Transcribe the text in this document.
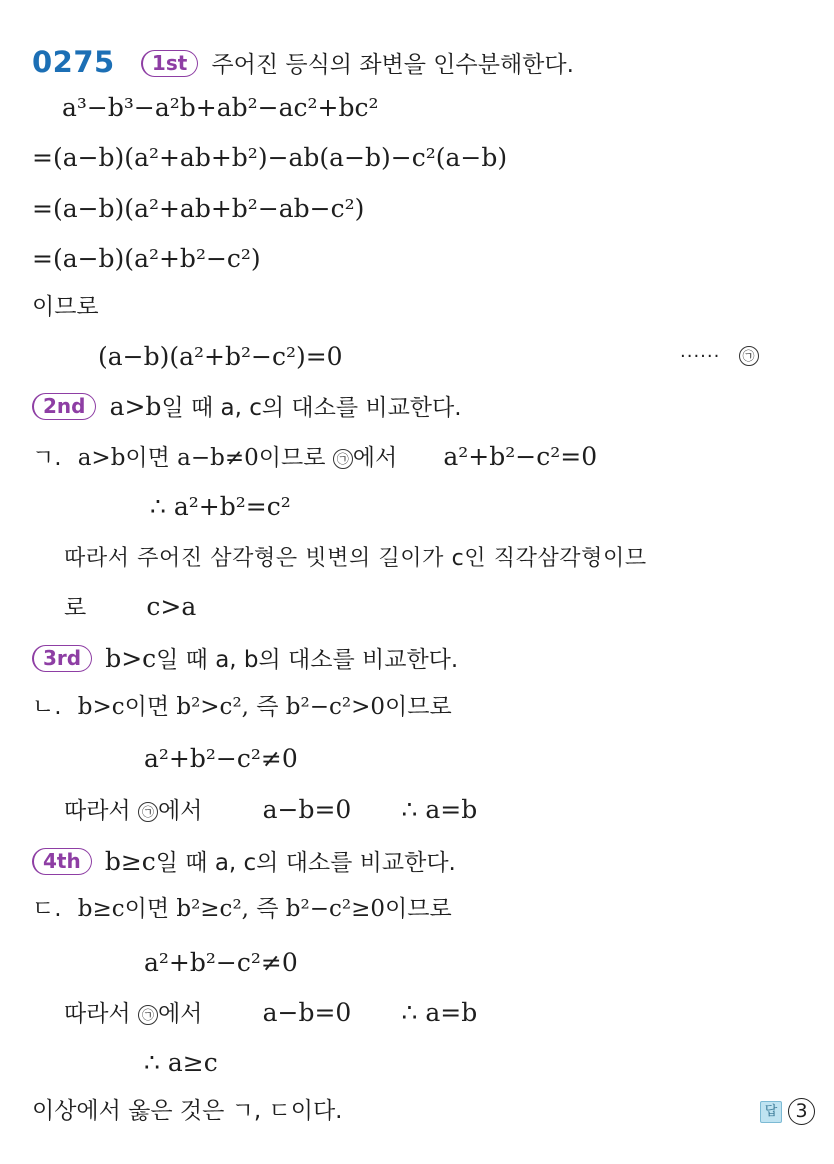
0275 1st 주어진 등식의 좌변을 인수분해한다.
a³−b³−a²b+ab²−ac²+bc²
=(a−b)(a²+ab+b²)−ab(a−b)−c²(a−b)
=(a−b)(a²+ab+b²−ab−c²)
=(a−b)(a²+b²−c²)
이므로
(a−b)(a²+b²−c²)=0	······ ㉠
2nd a>b일 때 a, c의 대소를 비교한다.
ㄱ. a>b이면 a−b≠0이므로 ㉠ 에서 a²+b²−c²=0
∴ a²+b²=c²
따라서 주어진 삼각형은 빗변의 길이가 c인 직각삼각형이므
로 c>a
3rd b>c일 때 a, b의 대소를 비교한다.
ㄴ. b>c이면 b²>c², 즉 b²−c²>0이므로
a²+b²−c²≠0
따라서 ㉠ 에서 a−b=0 ∴ a=b
4th b≥c일 때 a, c의 대소를 비교한다.
ㄷ. b≥c이면 b²≥c², 즉 b²−c²≥0이므로
a²+b²−c²≠0
따라서 ㉠ 에서 a−b=0 ∴ a=b
∴ a≥c
이상에서 옳은 것은 ㄱ, ㄷ이다.	답 3
